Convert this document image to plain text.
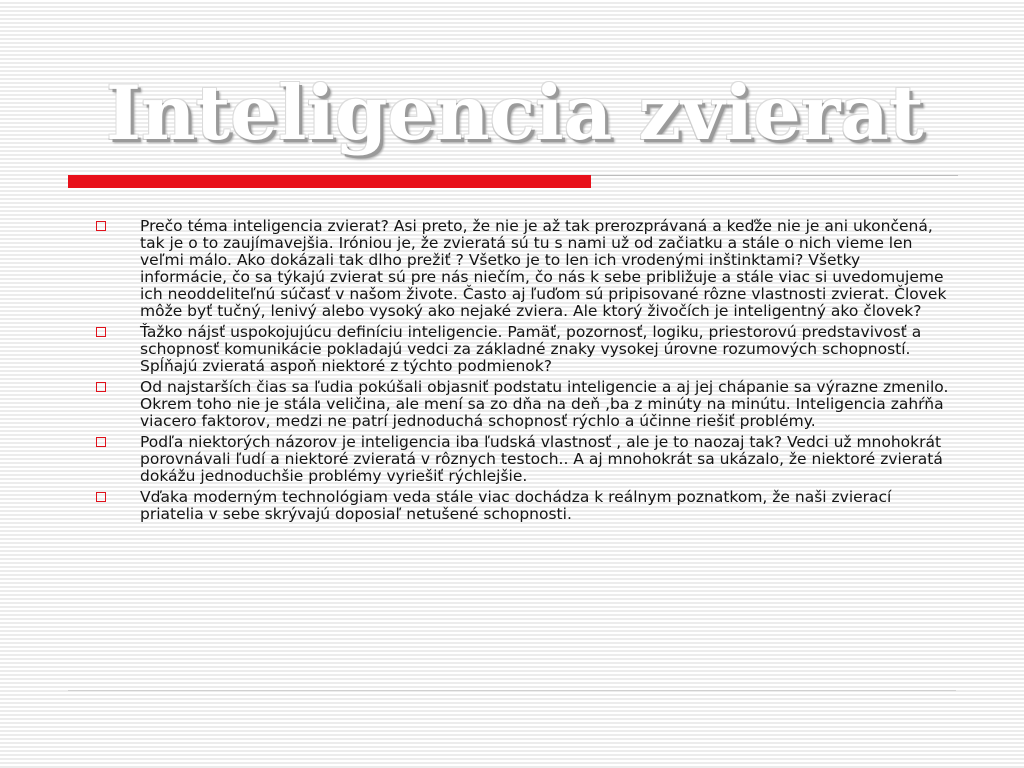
Inteligencia zvierat
Prečo téma inteligencia zvierat? Asi preto, že nie je až tak prerozprávaná a keďže nie je ani ukončená, tak je o to zaujímavejšia. Iróniou je, že zvieratá sú tu s nami už od začiatku a stále o nich vieme len veľmi málo. Ako dokázali tak dlho prežiť ? Všetko je to len ich vrodenými inštinktami? Všetky informácie, čo sa týkajú zvierat sú pre nás niečím, čo nás k sebe približuje a stále viac si uvedomujeme ich neoddeliteľnú súčasť v našom živote. Často aj ľuďom sú pripisované rôzne vlastnosti zvierat. Človek môže byť tučný, lenivý alebo vysoký ako nejaké zviera. Ale ktorý živočích je inteligentný ako človek?
Ťažko nájsť uspokojujúcu definíciu inteligencie. Pamäť, pozornosť, logiku, priestorovú predstavivosť a schopnosť komunikácie pokladajú vedci za základné znaky vysokej úrovne rozumových schopností. Spĺňajú zvieratá aspoň niektoré z týchto podmienok?
Od najstarších čias sa ľudia pokúšali objasniť podstatu inteligencie a aj jej chápanie sa výrazne zmenilo. Okrem toho nie je stála veličina, ale mení sa zo dňa na deň ,ba z minúty na minútu. Inteligencia zahŕňa viacero faktorov, medzi ne patrí jednoduchá schopnosť rýchlo a účinne riešiť problémy.
Podľa niektorých názorov je inteligencia iba ľudská vlastnosť , ale je to naozaj tak? Vedci už mnohokrát porovnávali ľudí a niektoré zvieratá v rôznych testoch.. A aj mnohokrát sa ukázalo, že niektoré zvieratá dokážu jednoduchšie problémy vyriešiť rýchlejšie.
Vďaka moderným technológiam veda stále viac dochádza k reálnym poznatkom, že naši zvierací priatelia v sebe skrývajú doposiaľ netušené schopnosti.
